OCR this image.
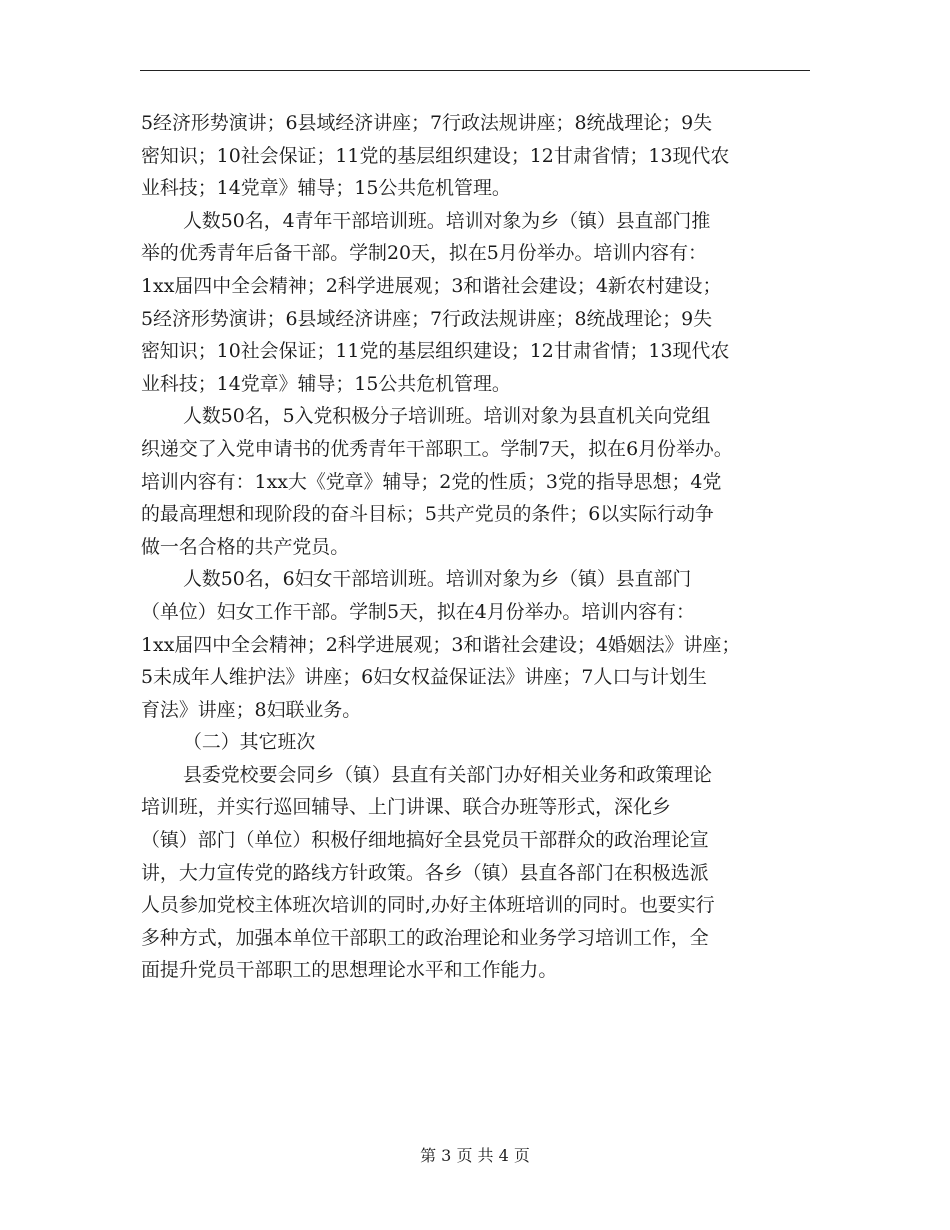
5经济形势演讲；6县域经济讲座；7行政法规讲座；8统战理论；9失
密知识；10社会保证；11党的基层组织建设；12甘肃省情；13现代农
业科技；14党章》辅导；15公共危机管理。
人数50名，4青年干部培训班。培训对象为乡（镇）县直部门推
举的优秀青年后备干部。学制20天，拟在5月份举办。培训内容有：
1xx届四中全会精神；2科学进展观；3和谐社会建设；4新农村建设；
5经济形势演讲；6县域经济讲座；7行政法规讲座；8统战理论；9失
密知识；10社会保证；11党的基层组织建设；12甘肃省情；13现代农
业科技；14党章》辅导；15公共危机管理。
人数50名，5入党积极分子培训班。培训对象为县直机关向党组
织递交了入党申请书的优秀青年干部职工。学制7天，拟在6月份举办。
培训内容有：1xx大《党章》辅导；2党的性质；3党的指导思想；4党
的最高理想和现阶段的奋斗目标；5共产党员的条件；6以实际行动争
做一名合格的共产党员。
人数50名，6妇女干部培训班。培训对象为乡（镇）县直部门
（单位）妇女工作干部。学制5天，拟在4月份举办。培训内容有：
1xx届四中全会精神；2科学进展观；3和谐社会建设；4婚姻法》讲座；
5未成年人维护法》讲座；6妇女权益保证法》讲座；7人口与计划生
育法》讲座；8妇联业务。
（二）其它班次
县委党校要会同乡（镇）县直有关部门办好相关业务和政策理论
培训班，并实行巡回辅导、上门讲课、联合办班等形式，深化乡
（镇）部门（单位）积极仔细地搞好全县党员干部群众的政治理论宣
讲，大力宣传党的路线方针政策。各乡（镇）县直各部门在积极选派
人员参加党校主体班次培训的同时,办好主体班培训的同时。也要实行
多种方式，加强本单位干部职工的政治理论和业务学习培训工作，全
面提升党员干部职工的思想理论水平和工作能力。
第 3 页 共 4 页
